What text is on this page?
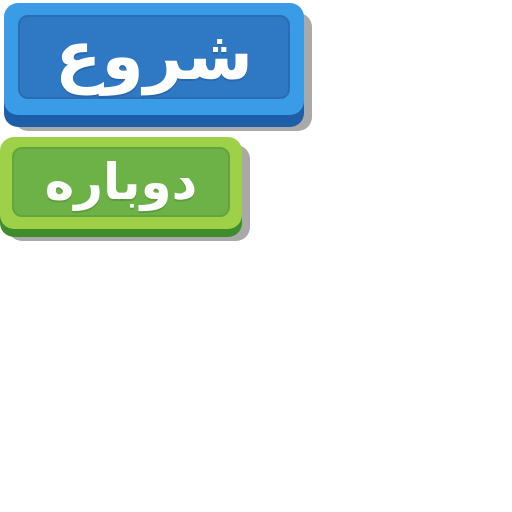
شروع
دوباره
